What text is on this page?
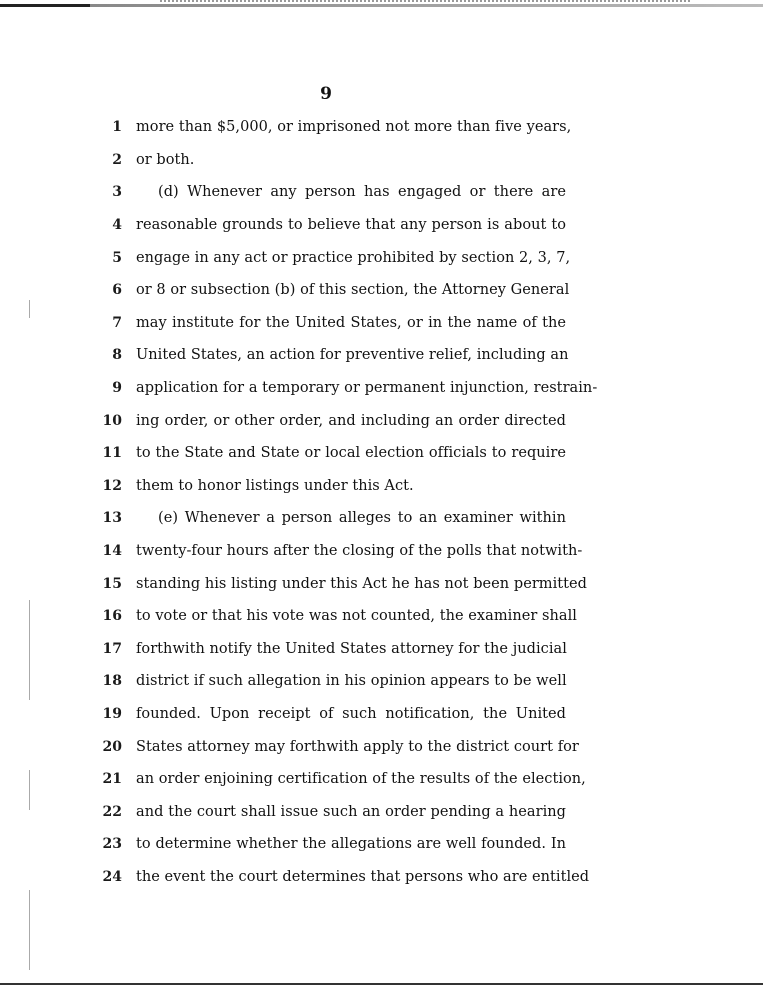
9
1 more than $5,000, or imprisoned not more than five years,
2 or both.
3	(d) Whenever any person has engaged or there are
4 reasonable grounds to believe that any person is about to
5 engage in any act or practice prohibited by section 2, 3, 7,
6 or 8 or subsection (b) of this section, the Attorney General
7 may institute for the United States, or in the name of the
8 United States, an action for preventive relief, including an
9 application for a temporary or permanent injunction, restrain-
10 ing order, or other order, and including an order directed
11 to the State and State or local election officials to require
12 them to honor listings under this Act.
13	(e) Whenever a person alleges to an examiner within
14 twenty-four hours after the closing of the polls that notwith-
15 standing his listing under this Act he has not been permitted
16 to vote or that his vote was not counted, the examiner shall
17 forthwith notify the United States attorney for the judicial
18 district if such allegation in his opinion appears to be well
19 founded. Upon receipt of such notification, the United
20 States attorney may forthwith apply to the district court for
21 an order enjoining certification of the results of the election,
22 and the court shall issue such an order pending a hearing
23 to determine whether the allegations are well founded. In
24 the event the court determines that persons who are entitled
